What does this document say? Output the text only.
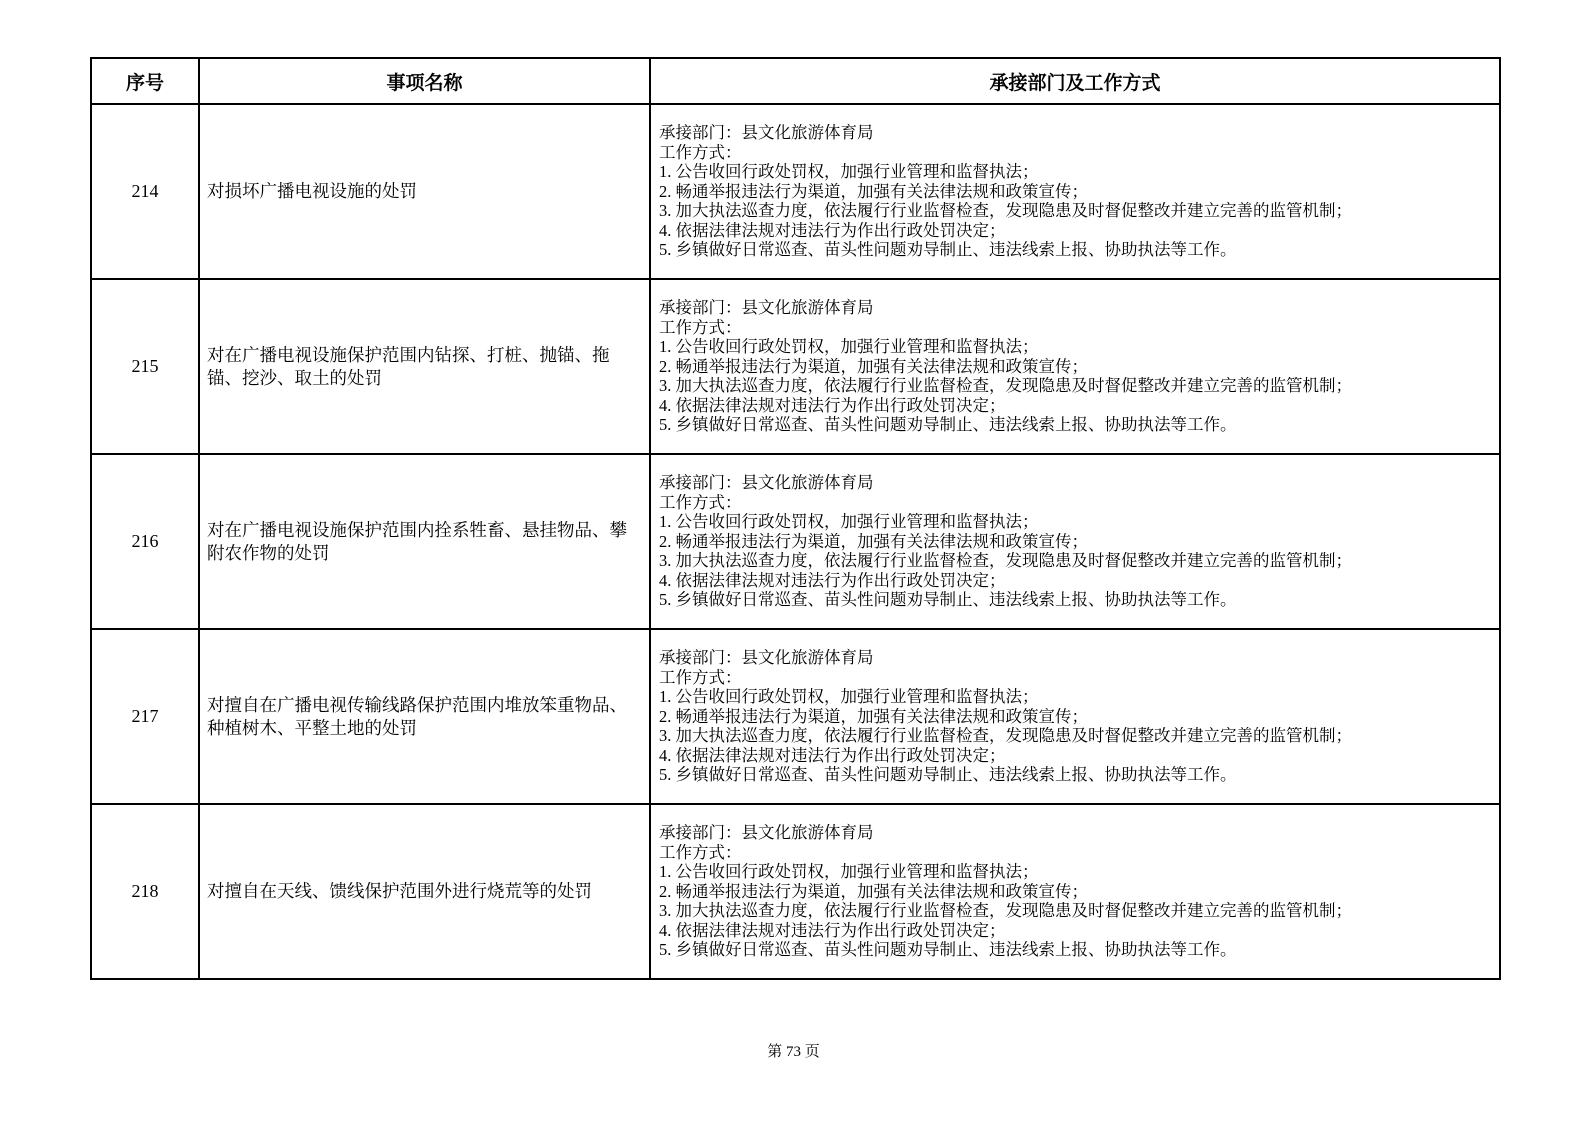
序号	事项名称	承接部门及工作方式
214	对损坏广播电视设施的处罚	
承接部门：县文化旅游体育局
工作方式：
1. 公告收回行政处罚权，加强行业管理和监督执法；
2. 畅通举报违法行为渠道，加强有关法律法规和政策宣传；
3. 加大执法巡查力度，依法履行行业监督检查，发现隐患及时督促整改并建立完善的监管机制；
4. 依据法律法规对违法行为作出行政处罚决定；
5. 乡镇做好日常巡查、苗头性问题劝导制止、违法线索上报、协助执法等工作。

215	对在广播电视设施保护范围内钻探、打桩、抛锚、拖锚、挖沙、取土的处罚	
承接部门：县文化旅游体育局
工作方式：
1. 公告收回行政处罚权，加强行业管理和监督执法；
2. 畅通举报违法行为渠道，加强有关法律法规和政策宣传；
3. 加大执法巡查力度，依法履行行业监督检查，发现隐患及时督促整改并建立完善的监管机制；
4. 依据法律法规对违法行为作出行政处罚决定；
5. 乡镇做好日常巡查、苗头性问题劝导制止、违法线索上报、协助执法等工作。

216	对在广播电视设施保护范围内拴系牲畜、悬挂物品、攀附农作物的处罚	
承接部门：县文化旅游体育局
工作方式：
1. 公告收回行政处罚权，加强行业管理和监督执法；
2. 畅通举报违法行为渠道，加强有关法律法规和政策宣传；
3. 加大执法巡查力度，依法履行行业监督检查，发现隐患及时督促整改并建立完善的监管机制；
4. 依据法律法规对违法行为作出行政处罚决定；
5. 乡镇做好日常巡查、苗头性问题劝导制止、违法线索上报、协助执法等工作。

217	对擅自在广播电视传输线路保护范围内堆放笨重物品、种植树木、平整土地的处罚	
承接部门：县文化旅游体育局
工作方式：
1. 公告收回行政处罚权，加强行业管理和监督执法；
2. 畅通举报违法行为渠道，加强有关法律法规和政策宣传；
3. 加大执法巡查力度，依法履行行业监督检查，发现隐患及时督促整改并建立完善的监管机制；
4. 依据法律法规对违法行为作出行政处罚决定；
5. 乡镇做好日常巡查、苗头性问题劝导制止、违法线索上报、协助执法等工作。

218	对擅自在天线、馈线保护范围外进行烧荒等的处罚	
承接部门：县文化旅游体育局
工作方式：
1. 公告收回行政处罚权，加强行业管理和监督执法；
2. 畅通举报违法行为渠道，加强有关法律法规和政策宣传；
3. 加大执法巡查力度，依法履行行业监督检查，发现隐患及时督促整改并建立完善的监管机制；
4. 依据法律法规对违法行为作出行政处罚决定；
5. 乡镇做好日常巡查、苗头性问题劝导制止、违法线索上报、协助执法等工作。
第 73 页
